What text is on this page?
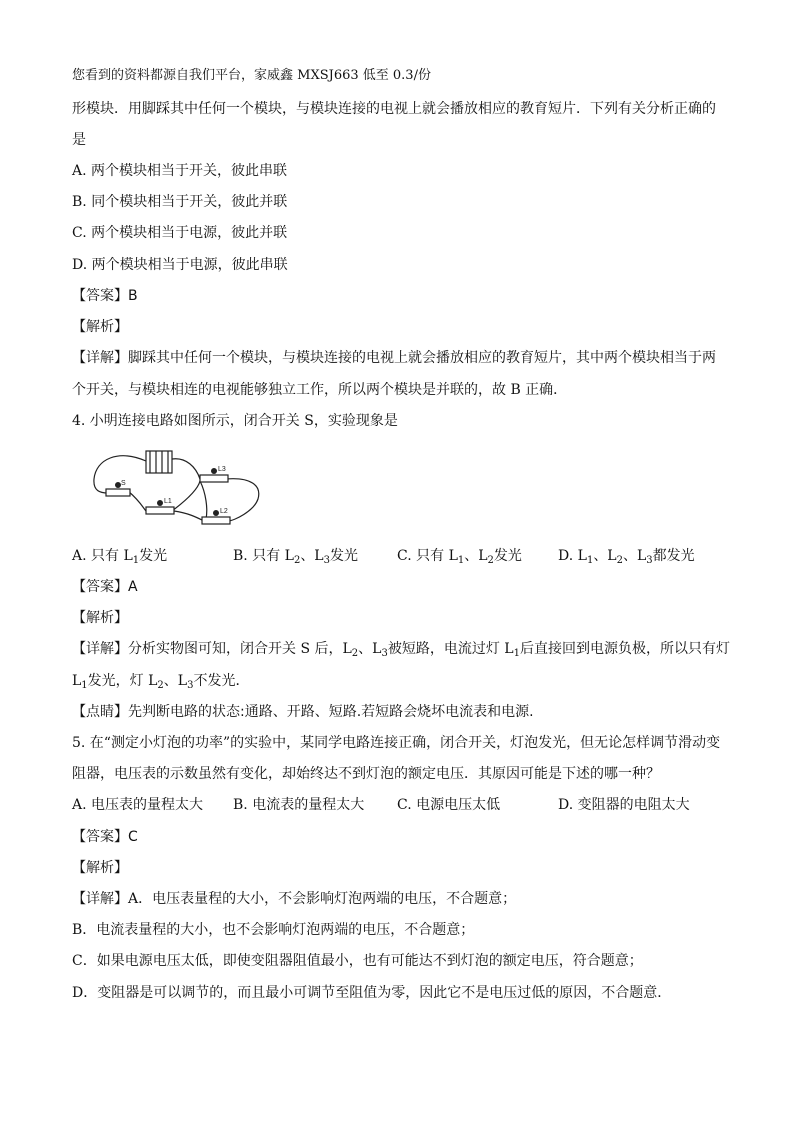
您看到的资料都源自我们平台，家威鑫 MXSJ663 低至 0.3/份
形模块．用脚踩其中任何一个模块，与模块连接的电视上就会播放相应的教育短片．下列有关分析正确的
是
A. 两个模块相当于开关，彼此串联
B. 同个模块相当于开关，彼此并联
C. 两个模块相当于电源，彼此并联
D. 两个模块相当于电源，彼此串联
【答案】B
【解析】
【详解】脚踩其中任何一个模块，与模块连接的电视上就会播放相应的教育短片，其中两个模块相当于两
个开关，与模块相连的电视能够独立工作，所以两个模块是并联的，故 B 正确．
4. 小明连接电路如图所示，闭合开关 S，实验现象是
S
L1
L3
L2
A. 只有 $L_1$发光	B. 只有 $L_2$、$L_3$发光	C. 只有 $L_1$、$L_2$发光	D. $L_1$、$L_2$、$L_3$都发光
【答案】A
【解析】
【详解】分析实物图可知，闭合开关 S 后，$L_2$、$L_3$被短路，电流过灯 $L_1$后直接回到电源负极，所以只有灯
$L_1$发光，灯 $L_2$、$L_3$不发光．
【点睛】先判断电路的状态:通路、开路、短路.若短路会烧坏电流表和电源.
5. 在“测定小灯泡的功率”的实验中，某同学电路连接正确，闭合开关，灯泡发光，但无论怎样调节滑动变
阻器，电压表的示数虽然有变化，却始终达不到灯泡的额定电压．其原因可能是下述的哪一种？
A. 电压表的量程太大 B. 电流表的量程太大 C. 电源电压太低	D. 变阻器的电阻太大
【答案】C
【解析】
【详解】A．电压表量程的大小，不会影响灯泡两端的电压，不合题意；
B．电流表量程的大小，也不会影响灯泡两端的电压，不合题意；
C．如果电源电压太低，即使变阻器阻值最小，也有可能达不到灯泡的额定电压，符合题意；
D．变阻器是可以调节的，而且最小可调节至阻值为零，因此它不是电压过低的原因，不合题意．
